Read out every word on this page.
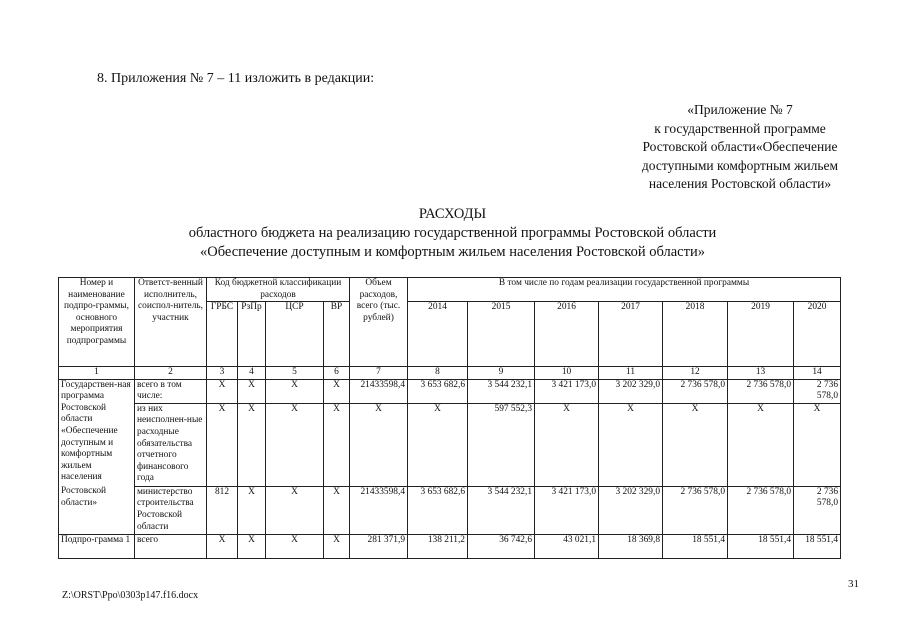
8. Приложения № 7 – 11 изложить в редакции:
«Приложение № 7
к государственной программе
Ростовской области«Обеспечение
доступными комфортным жильем
населения Ростовской области»
РАСХОДЫ
областного бюджета на реализацию государственной программы Ростовской области
«Обеспечение доступным и комфортным жильем населения Ростовской области»
Номер и наименование подпро-граммы, основного мероприятия подпрограммы	Ответст-венный исполнитель, соиспол-нитель, участник	Код бюджетной классификации расходов				Объем расходов, всего (тыс. рублей)	В том числе по годам реализации государственной программы						
		ГРБС	РзПр	ЦСР	ВР		2014	2015	2016	2017	2018	2019	2020
1	2	3	4	5	6	7	8	9	10	11	12	13	14
Государствен-ная программа Ростовской области «Обеспечение доступным и комфортным жильем населения	всего в том числе:	X	X	X	X	21433598,4	3 653 682,6	3 544 232,1	3 421 173,0	3 202 329,0	2 736 578,0	2 736 578,0	2 736 578,0
	из них неисполнен-ные расходные обязательства отчетного финансового года	X	X	X	X	X	X	597 552,3	X	X	X	X	X
Ростовской области»	министерство строительства Ростовской области	812	X	X	X	21433598,4	3 653 682,6	3 544 232,1	3 421 173,0	3 202 329,0	2 736 578,0	2 736 578,0	2 736 578,0
Подпро-грамма 1	всего	X	X	X	X	281 371,9	138 211,2	36 742,6	43 021,1	18 369,8	18 551,4	18 551,4	18 551,4
31
Z:\ORST\Ppo\0303p147.f16.docx
